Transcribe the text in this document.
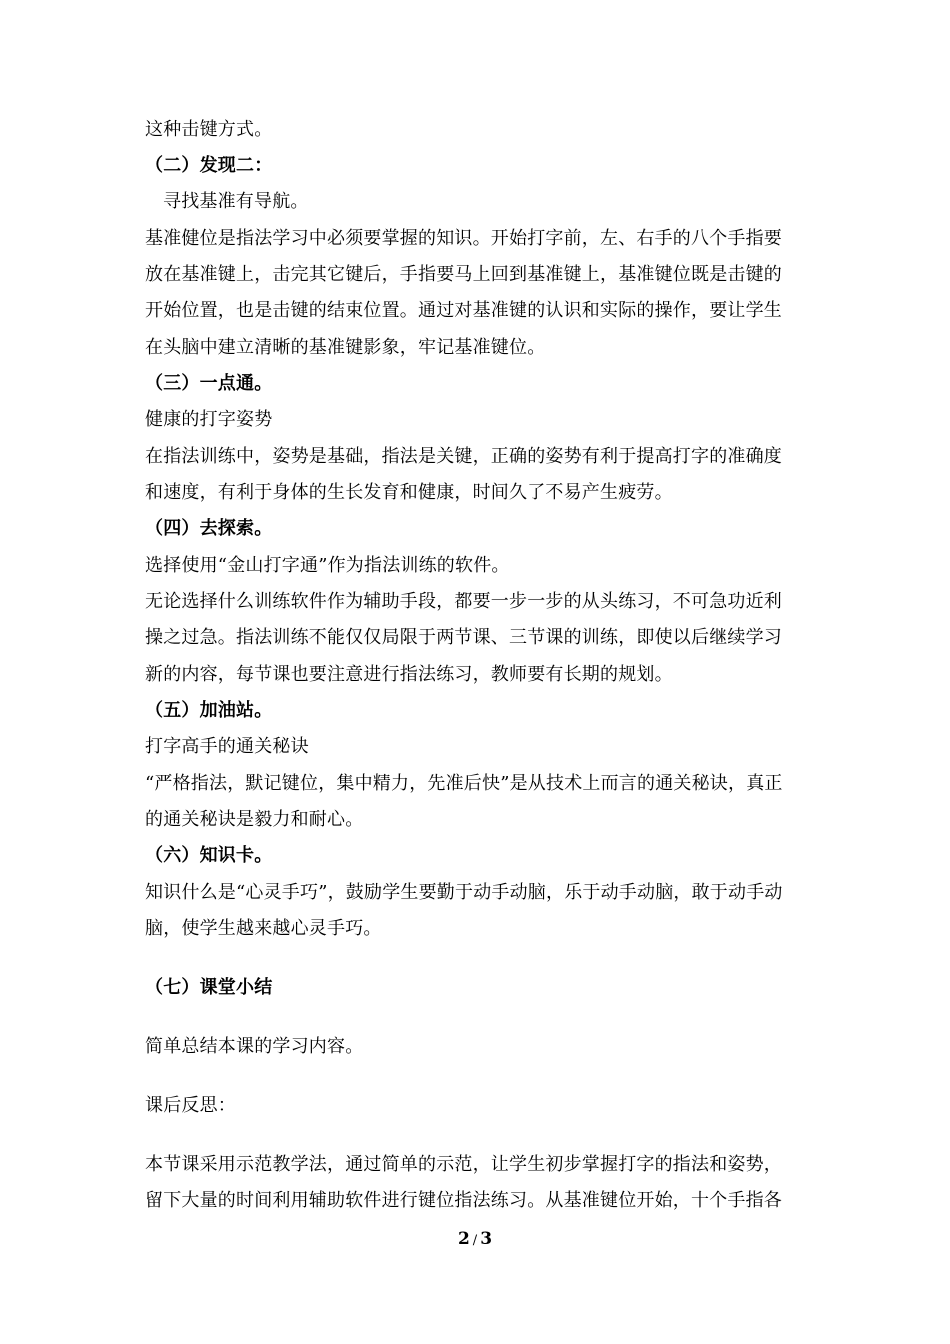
这种击键方式。
（二）发现二：
寻找基准有导航。
基准健位是指法学习中必须要掌握的知识。开始打字前，左、右手的八个手指要
放在基准键上，击完其它键后，手指要马上回到基准键上，基准键位既是击键的
开始位置，也是击键的结束位置。通过对基准键的认识和实际的操作，要让学生
在头脑中建立清晰的基准键影象，牢记基准键位。
（三）一点通。
健康的打字姿势
在指法训练中，姿势是基础，指法是关键，正确的姿势有利于提高打字的准确度
和速度，有利于身体的生长发育和健康，时间久了不易产生疲劳。
（四）去探索。
选择使用“金山打字通”作为指法训练的软件。
无论选择什么训练软件作为辅助手段，都要一步一步的从头练习，不可急功近利
操之过急。指法训练不能仅仅局限于两节课、三节课的训练，即使以后继续学习
新的内容，每节课也要注意进行指法练习，教师要有长期的规划。
（五）加油站。
打字高手的通关秘诀
“严格指法，默记键位，集中精力，先准后快”是从技术上而言的通关秘诀，真正
的通关秘诀是毅力和耐心。
（六）知识卡。
知识什么是“心灵手巧”，鼓励学生要勤于动手动脑，乐于动手动脑，敢于动手动
脑，使学生越来越心灵手巧。
（七）课堂小结
简单总结本课的学习内容。
课后反思：
本节课采用示范教学法，通过简单的示范，让学生初步掌握打字的指法和姿势，
留下大量的时间利用辅助软件进行键位指法练习。从基准键位开始，十个手指各
2 / 3
